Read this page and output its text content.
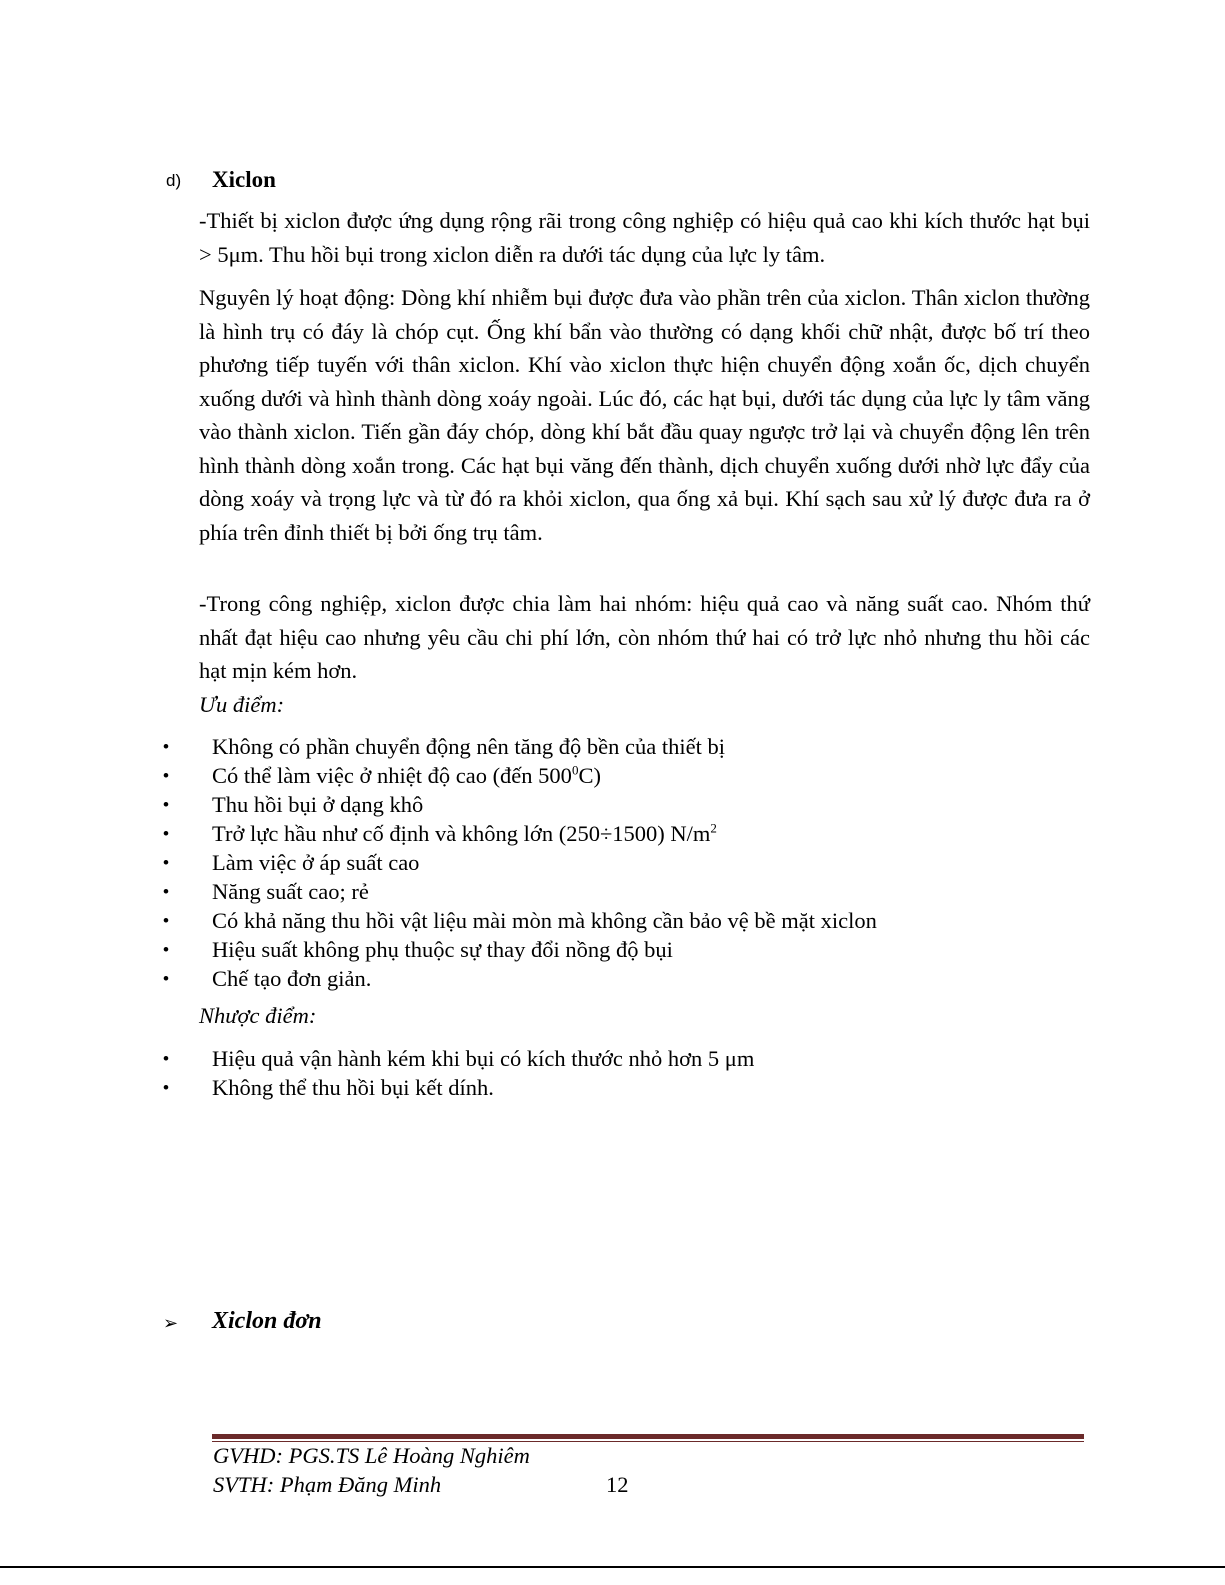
d) Xiclon

-Thiết bị xiclon được ứng dụng rộng rãi trong công nghiệp có hiệu quả cao khi kích thước hạt bụi > 5μm. Thu hồi bụi trong xiclon diễn ra dưới tác dụng của lực ly tâm.

Nguyên lý hoạt động: Dòng khí nhiễm bụi được đưa vào phần trên của xiclon. Thân xiclon thường là hình trụ có đáy là chóp cụt. Ống khí bẩn vào thường có dạng khối chữ nhật, được bố trí theo phương tiếp tuyến với thân xiclon. Khí vào xiclon thực hiện chuyển động xoắn ốc, dịch chuyển xuống dưới và hình thành dòng xoáy ngoài. Lúc đó, các hạt bụi, dưới tác dụng của lực ly tâm văng vào thành xiclon. Tiến gần đáy chóp, dòng khí bắt đầu quay ngược trở lại và chuyển động lên trên hình thành dòng xoắn trong. Các hạt bụi văng đến thành, dịch chuyển xuống dưới nhờ lực đẩy của dòng xoáy và trọng lực và từ đó ra khỏi xiclon, qua ống xả bụi. Khí sạch sau xử lý được đưa ra ở phía trên đỉnh thiết bị bởi ống trụ tâm.

-Trong công nghiệp, xiclon được chia làm hai nhóm: hiệu quả cao và năng suất cao. Nhóm thứ nhất đạt hiệu cao nhưng yêu cầu chi phí lớn, còn nhóm thứ hai có trở lực nhỏ nhưng thu hồi các hạt mịn kém hơn.

Ưu điểm:
• Không có phần chuyển động nên tăng độ bền của thiết bị
• Có thể làm việc ở nhiệt độ cao (đến $500^0C$)
• Thu hồi bụi ở dạng khô
• Trở lực hầu như cố định và không lớn (250÷1500) $N/m^2$
• Làm việc ở áp suất cao
• Năng suất cao; rẻ
• Có khả năng thu hồi vật liệu mài mòn mà không cần bảo vệ bề mặt xiclon
• Hiệu suất không phụ thuộc sự thay đổi nồng độ bụi
• Chế tạo đơn giản.
Nhược điểm:
• Hiệu quả vận hành kém khi bụi có kích thước nhỏ hơn 5 μm
• Không thể thu hồi bụi kết dính.
➢ Xiclon đơn
GVHD: PGS.TS Lê Hoàng Nghiêm
SVTH: Phạm Đăng Minh	12
